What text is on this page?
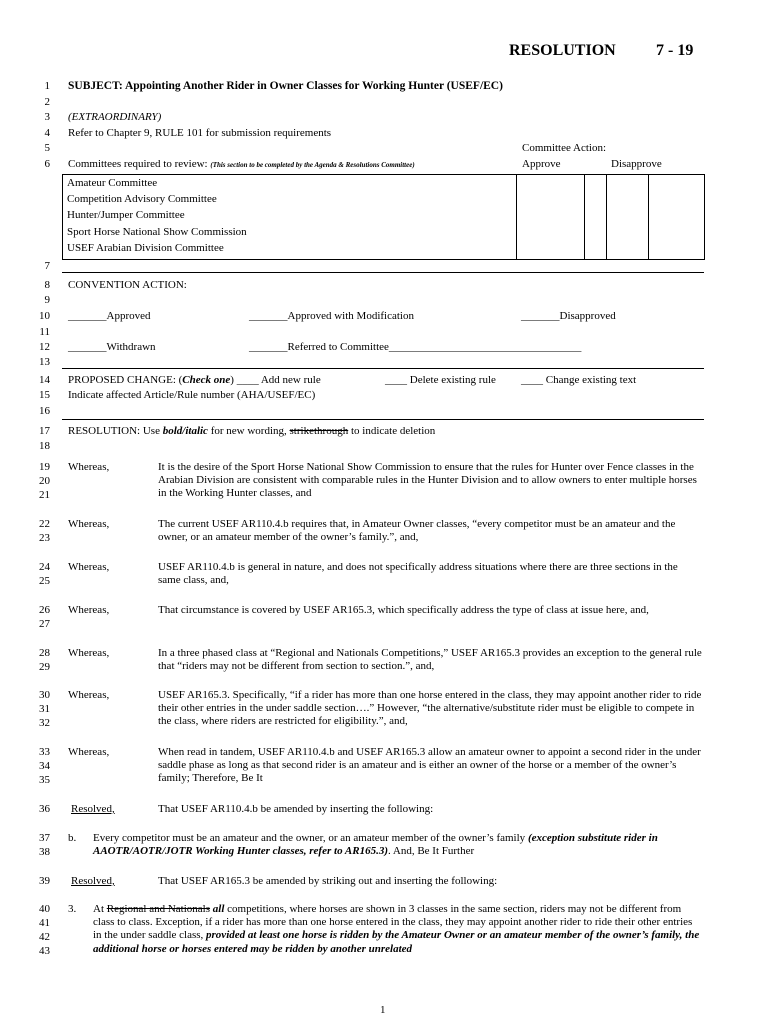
RESOLUTION	7 - 19
1
2
3
4
5
6
7
8
9
10
11
12
13
14
15
16
17
18
19
20
21
22
23
24
25
26
27
28
29
30
31
32
33
34
35
36
37
38
39
40
41
42
43
SUBJECT: Appointing Another Rider in Owner Classes for Working Hunter (USEF/EC)
(EXTRAORDINARY)
Refer to Chapter 9, RULE 101 for submission requirements
Committee Action:
Committees required to review: (This section to be completed by the Agenda & Resolutions Committee)	Approve	Disapprove
Amateur Committee
Competition Advisory Committee
Hunter/Jumper Committee
Sport Horse National Show Commission
USEF Arabian Division Committee
CONVENTION ACTION:
_______Approved	_______Approved with Modification	_______Disapproved
_______Withdrawn	_______Referred to Committee___________________________________
PROPOSED CHANGE: (Check one) ____ Add new rule	____ Delete existing rule ____ Change existing text
Indicate affected Article/Rule number (AHA/USEF/EC)
RESOLUTION: Use bold/italic for new wording, strikethrough to indicate deletion
Whereas,	It is the desire of the Sport Horse National Show Commission to ensure that the rules for Hunter over Fence classes in the Arabian Division are consistent with comparable rules in the Hunter Division and to allow owners to enter multiple horses in the Working Hunter classes, and
Whereas,	The current USEF AR110.4.b requires that, in Amateur Owner classes, “every competitor must be an amateur and the owner, or an amateur member of the owner’s family.”, and,
Whereas,	USEF AR110.4.b is general in nature, and does not specifically address situations where there are three sections in the same class, and,
Whereas,	That circumstance is covered by USEF AR165.3, which specifically address the type of class at issue here, and,
Whereas,	In a three phased class at “Regional and Nationals Competitions,” USEF AR165.3 provides an exception to the general rule that “riders may not be different from section to section.”, and,
Whereas,	USEF AR165.3. Specifically, “if a rider has more than one horse entered in the class, they may appoint another rider to ride their other entries in the under saddle section….” However, “the alternative/substitute rider must be eligible to compete in the class, where riders are restricted for eligibility.”, and,
Whereas,	When read in tandem, USEF AR110.4.b and USEF AR165.3 allow an amateur owner to appoint a second rider in the under saddle phase as long as that second rider is an amateur and is either an owner of the horse or a member of the owner’s family; Therefore, Be It
Resolved,	That USEF AR110.4.b be amended by inserting the following:
b. Every competitor must be an amateur and the owner, or an amateur member of the owner’s family (exception substitute rider in AAOTR/AOTR/JOTR Working Hunter classes, refer to AR165.3). And, Be It Further
Resolved,	That USEF AR165.3 be amended by striking out and inserting the following:
3. At Regional and Nationals all competitions, where horses are shown in 3 classes in the same section, riders may not be different from class to class. Exception, if a rider has more than one horse entered in the class, they may appoint another rider to ride their other entries in the under saddle class, provided at least one horse is ridden by the Amateur Owner or an amateur member of the owner’s family, the additional horse or horses entered may be ridden by another unrelated
1
